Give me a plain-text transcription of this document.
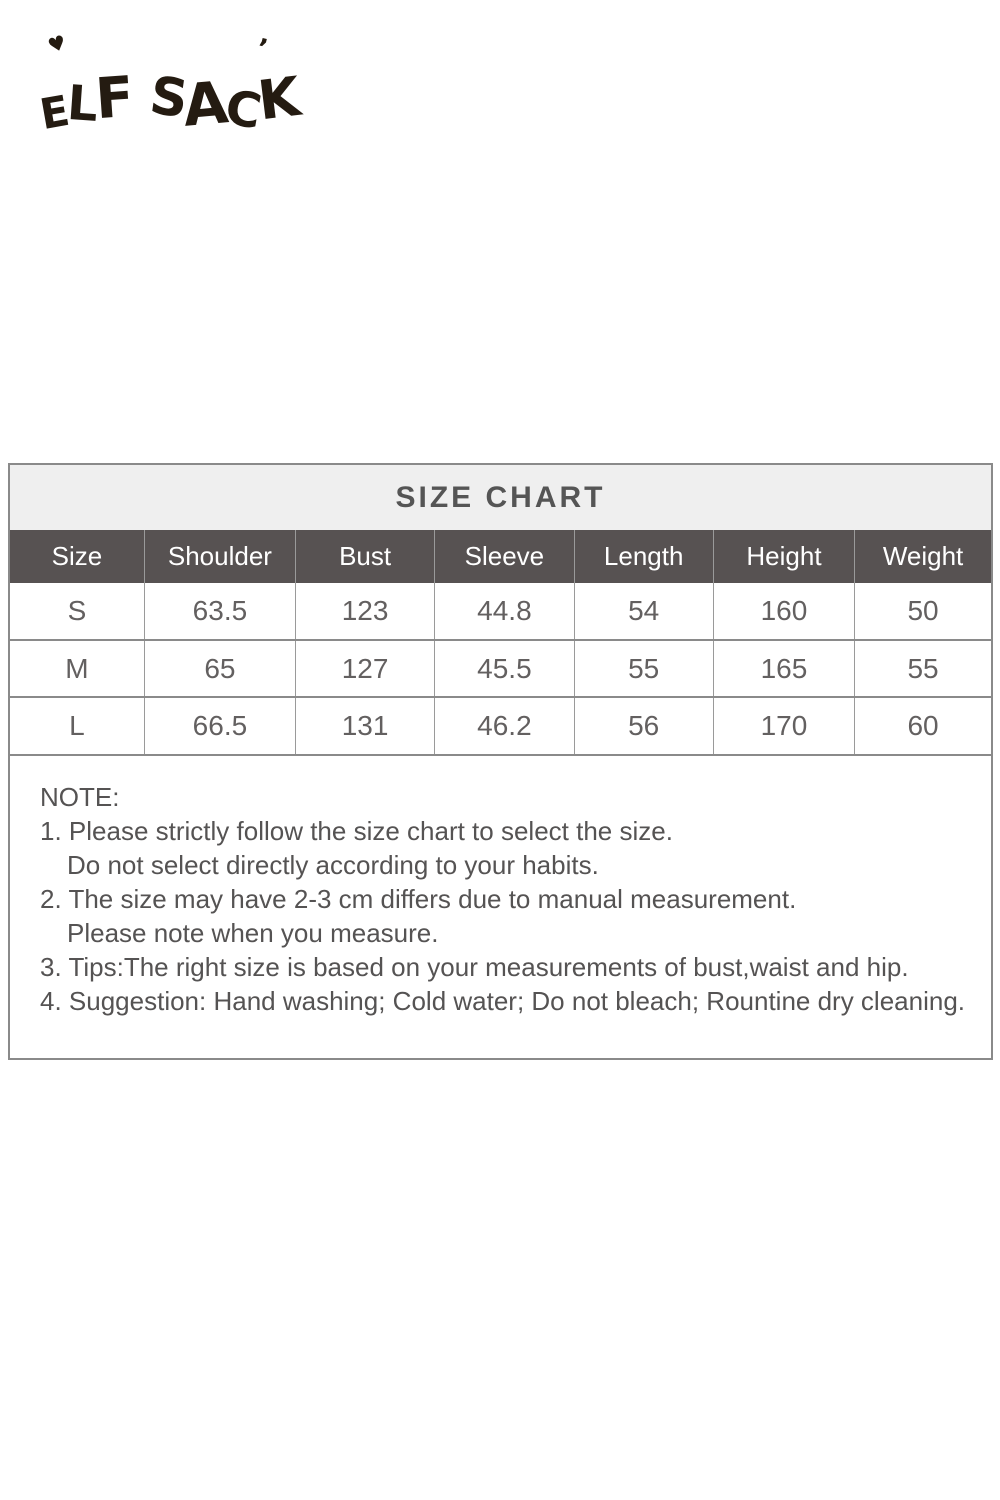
♥	’
E
L
F S
A
C
K
SIZE CHART
Size	Shoulder	Bust	Sleeve	Length	Height	Weight
S	63.5	123	44.8	54	160	50
M	65	127	45.5	55	165	55
L	66.5	131	46.2	56	170	60
NOTE:
1. Please strictly follow the size chart to select the size.
Do not select directly according to your habits.
2. The size may have 2-3 cm differs due to manual measurement.
Please note when you measure.
3. Tips:The right size is based on your measurements of bust,waist and hip.
4. Suggestion: Hand washing; Cold water; Do not bleach; Rountine dry cleaning.
